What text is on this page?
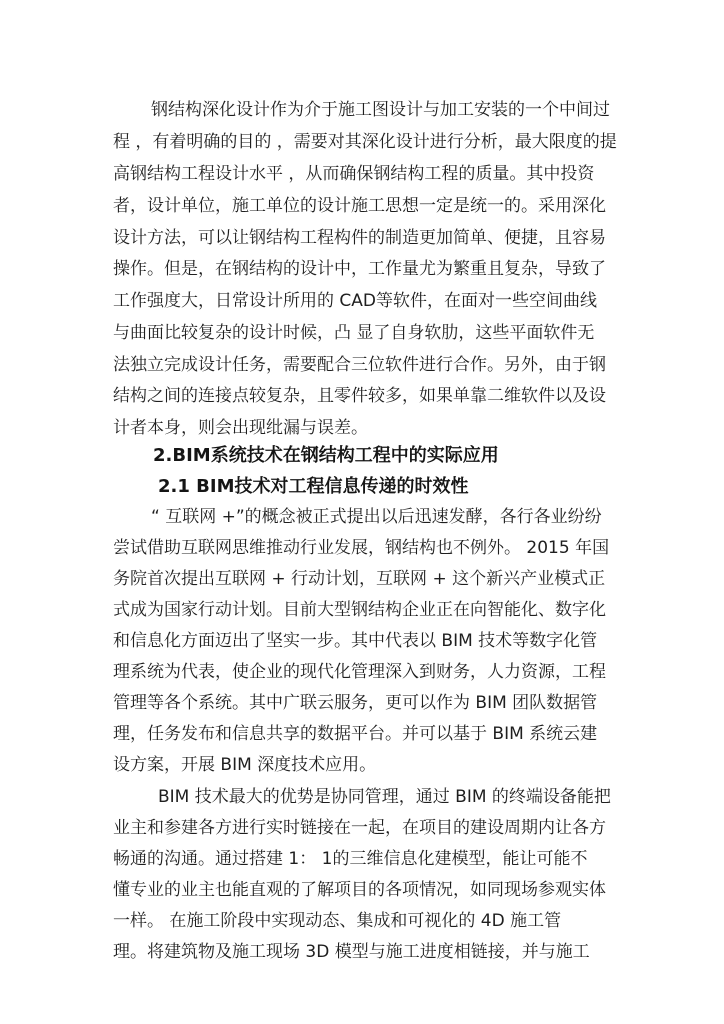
钢结构深化设计作为介于施工图设计与加工安装的一个中间过
程 ，有着明确的目的 ，需要对其深化设计进行分析，最大限度的提
高钢结构工程设计水平 ，从而确保钢结构工程的质量。其中投资
者，设计单位，施工单位的设计施工思想一定是统一的。采用深化
设计方法，可以让钢结构工程构件的制造更加简单、便捷，且容易
操作。但是，在钢结构的设计中，工作量尤为繁重且复杂，导致了
工作强度大，日常设计所用的 CAD等软件，在面对一些空间曲线
与曲面比较复杂的设计时候，凸 显了自身软肋，这些平面软件无
法独立完成设计任务，需要配合三位软件进行合作。另外，由于钢
结构之间的连接点较复杂，且零件较多，如果单靠二维软件以及设
计者本身，则会出现纰漏与误差。
2.BIM系统技术在钢结构工程中的实际应用
2.1 BIM技术对工程信息传递的时效性
“ 互联网 +”的概念被正式提出以后迅速发酵，各行各业纷纷
尝试借助互联网思维推动行业发展，钢结构也不例外。 2015 年国
务院首次提出互联网 + 行动计划，互联网 + 这个新兴产业模式正
式成为国家行动计划。目前大型钢结构企业正在向智能化、数字化
和信息化方面迈出了坚实一步。其中代表以 BIM 技术等数字化管
理系统为代表，使企业的现代化管理深入到财务，人力资源，工程
管理等各个系统。其中广联云服务，更可以作为 BIM 团队数据管
理，任务发布和信息共享的数据平台。并可以基于 BIM 系统云建
设方案，开展 BIM 深度技术应用。
BIM 技术最大的优势是协同管理，通过 BIM 的终端设备能把
业主和参建各方进行实时链接在一起，在项目的建设周期内让各方
畅通的沟通。通过搭建 1： 1的三维信息化建模型，能让可能不
懂专业的业主也能直观的了解项目的各项情况，如同现场参观实体
一样。 在施工阶段中实现动态、集成和可视化的 4D 施工管
理。将建筑物及施工现场 3D 模型与施工进度相链接，并与施工
